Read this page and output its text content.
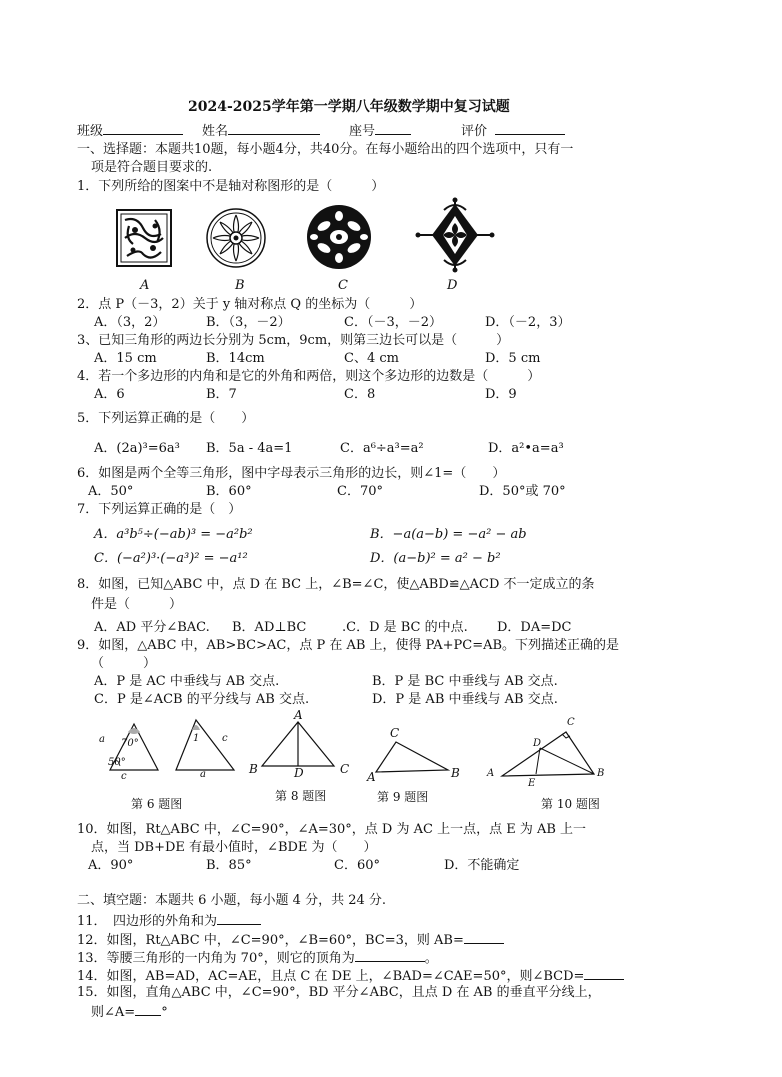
2024-2025学年第一学期八年级数学期中复习试题
班级	姓名	座号	评价
一、选择题：本题共10题，每小题4分，共40分。在每小题给出的四个选项中，只有一
项是符合题目要求的.
1．下列所给的图案中不是轴对称图形的是（　　　）
A	B	C	D
2．点 P（－3，2）关于 y 轴对称点 Q 的坐标为（　　　）
A．（3，2）	B．（3，－2）	C．（－3，－2）	D．（－2，3）
3、已知三角形的两边长分别为 5cm，9cm，则第三边长可以是（　　　）
A．15 cm	B．14cm	C、4 cm	D．5 cm
4．若一个多边形的内角和是它的外角和两倍，则这个多边形的边数是（　　　）
A．6	B．7	C．8	D．9
5．下列运算正确的是（　　）
A．(2a)³=6a³ B．5a - 4a=1	C．a⁶÷a³=a²	D．a²•a=a³
6．如图是两个全等三角形，图中字母表示三角形的边长，则∠1=（　　）
A．50°	B．60°	C．70°	D．50°或 70°
7．下列运算正确的是（　）
A．a³b⁵÷(−ab)³ = −a²b²	B．−a(a−b) = −a² − ab
C．(−a²)³·(−a³)² = −a¹²	D．(a−b)² = a² − b²
8．如图，已知△ABC 中，点 D 在 BC 上，∠B=∠C，使△ABD≌△ACD 不一定成立的条
件是（　　　）
A．AD 平分∠BAC. B．AD⊥BC	.C．D 是 BC 的中点. D．DA=DC
9．如图，△ABC 中，AB>BC>AC，点 P 在 AB 上，使得 PA+PC=AB。下列描述正确的是
（　　　）
A．P 是 AC 中垂线与 AB 交点.	B．P 是 BC 中垂线与 AB 交点.
C．P 是∠ACB 的平分线与 AB 交点.	D．P 是 AB 中垂线与 AB 交点.
a 70°
50°
c
1 c
a
第 6 题图
A
B	D	C
第 8 题图
C
A	B
第 9 题图
C
D
A
E
B
第 10 题图
10．如图，Rt△ABC 中，∠C=90°，∠A=30°，点 D 为 AC 上一点，点 E 为 AB 上一
点，当 DB+DE 有最小值时，∠BDE 为（　　）
A．90°	B．85°	C．60°	D．不能确定
二、填空题：本题共 6 小题，每小题 4 分，共 24 分.
11．　四边形的外角和为
12．如图，Rt△ABC 中，∠C=90°，∠B=60°，BC=3，则 AB=
13．等腰三角形的一内角为 70°，则它的顶角为	。
14．如图，AB=AD，AC=AE，且点 C 在 DE 上，∠BAD=∠CAE=50°，则∠BCD=
15．如图，直角△ABC 中，∠C=90°，BD 平分∠ABC，且点 D 在 AB 的垂直平分线上，
则∠A= °
